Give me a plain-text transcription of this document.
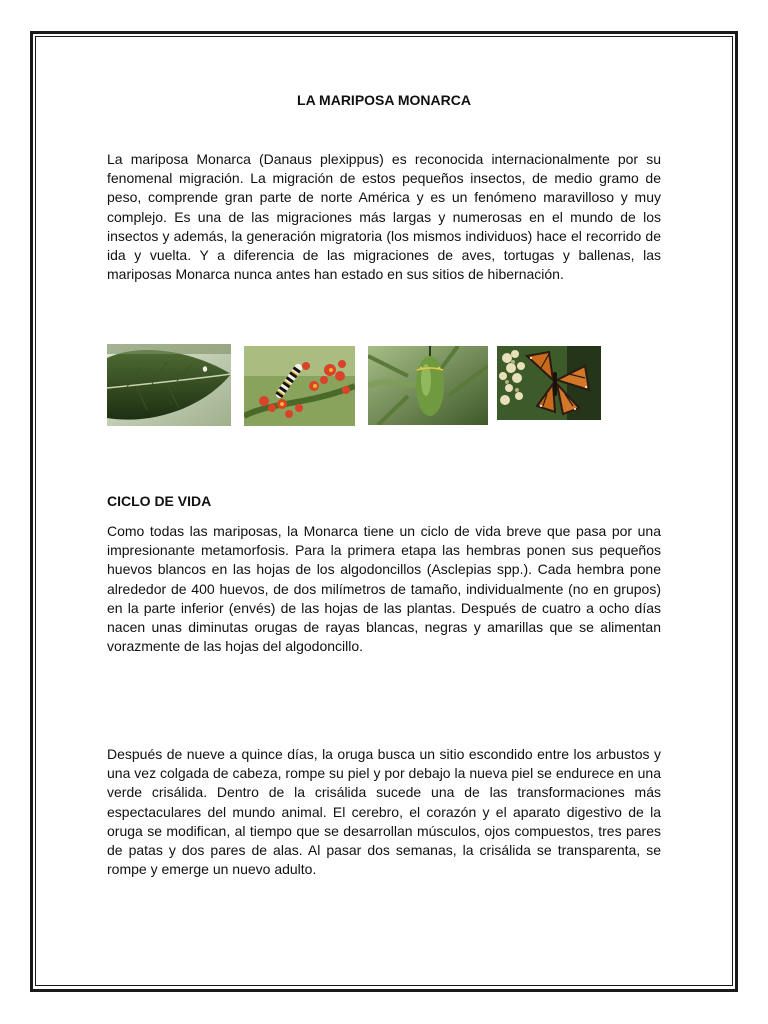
LA MARIPOSA MONARCA

La mariposa Monarca (Danaus plexippus) es reconocida internacionalmente por su fenomenal migración. La migración de estos pequeños insectos, de medio gramo de peso, comprende gran parte de norte América y es un fenómeno maravilloso y muy complejo. Es una de las migraciones más largas y numerosas en el mundo de los insectos y además, la generación migratoria (los mismos individuos) hace el recorrido de ida y vuelta. Y a diferencia de las migraciones de aves, tortugas y ballenas, las mariposas Monarca nunca antes han estado en sus sitios de hibernación.

CICLO DE VIDA

Como todas las mariposas, la Monarca tiene un ciclo de vida breve que pasa por una impresionante metamorfosis. Para la primera etapa las hembras ponen sus pequeños huevos blancos en las hojas de los algodoncillos (Asclepias spp.). Cada hembra pone alrededor de 400 huevos, de dos milímetros de tamaño, individualmente (no en grupos) en la parte inferior (envés) de las hojas de las plantas. Después de cuatro a ocho días nacen unas diminutas orugas de rayas blancas, negras y amarillas que se alimentan vorazmente de las hojas del algodoncillo.

Después de nueve a quince días, la oruga busca un sitio escondido entre los arbustos y una vez colgada de cabeza, rompe su piel y por debajo la nueva piel se endurece en una verde crisálida. Dentro de la crisálida sucede una de las transformaciones más espectaculares del mundo animal. El cerebro, el corazón y el aparato digestivo de la oruga se modifican, al tiempo que se desarrollan músculos, ojos compuestos, tres pares de patas y dos pares de alas. Al pasar dos semanas, la crisálida se transparenta, se rompe y emerge un nuevo adulto.
